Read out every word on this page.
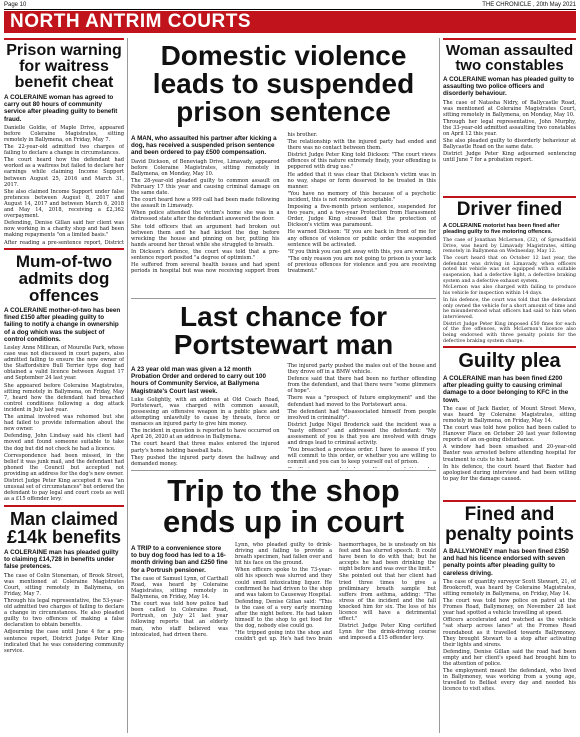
Page 10	THE CHRONICLE , 20th May 2021
NORTH ANTRIM COURTS
Prison warning for waitress benefit cheat

A COLERAINE woman has agreed to carry out 80 hours of community service after pleading guilty to benefit fraud.

Danielle Goldie, of Maple Drive, appeared before Coleraine Magistrates, sitting remotely in Ballymena, on Friday, May 7.

The 22-year-old admitted two charges of failing to declare a change in circumstances.

The court heard how the defendant had worked as a waitress but failed to declare her earnings while claiming Income Support between August 25, 2016 and March 31, 2017.

She also claimed Income Support under false pretences between August 8, 2017 and August 14, 2017 and between March 6, 2018 and May 14, 2018, receiving a £2,362 overpayment.

Defending, Denise Gillan said her client was now working in a charity shop and had been making repayments "on a limited basis."

After reading a pre-sentence report, District

Mum-of-two admits dog offences

A COLERAINE mother-of-two has been fined £150 after pleading guilty to failing to notify a change in ownership of a dog which was the subject of control conditions.

Lesley Anne Millican, of Mourelle Park, whose case was not discussed in court papers, also admitted failing to ensure the new owner of the Staffordshire Bull Terrier type dog had obtained a valid licence between August 17 and September 24 last year.

She appeared before Coleraine Magistrates, sitting remotely in Ballymena, on Friday, May 7, heard how the defendant had breached control conditions following a dog attack incident in July last year.

The animal involved was rehomed but she had failed to provide information about the new owner.

Defending, John Lindsay said his client had moved and found someone suitable to take the dog but did not check he had a licence.

Correspondence had been missed, in the belief it was junk mail, and the defendant had phoned the Council but accepted not providing an address for the dog's new owner.

District Judge Peter King accepted it was "an unusual set of circumstances" but ordered the defendant to pay legal and court costs as well as a £15 offender levy.

Man claimed £14k benefits

A COLERAINE man has pleaded guilty to claiming £14,728 in benefits under false pretences.

The case of Colin Stoneman, of Brook Street, was mentioned at Coleraine Magistrates Court, sitting remotely in Ballymena, on Friday, May 7.

Through his legal representative, the 53-year-old admitted two charges of failing to declare a change in circumstances. He also pleaded guilty to two offences of making a false declaration to obtain benefits.

Adjourning the case until June 4 for a pre-sentence report, District Judge Peter King indicated that he was considering community service.

Domestic violence leads to suspended prison sentence

A MAN, who assaulted his partner after kicking a dog, has received a suspended prison sentence and been ordered to pay £500 compensation.

David Dickson, of Beneviagh Drive, Limavady, appeared before Coleraine Magistrates, sitting remotely in Ballymena, on Monday, May 10.

The 28-year-old pleaded guilty to common assault on February 17 this year and causing criminal damage on the same date.

The court heard how a 999 call had been made following the assault in Limavady.

When police attended the victim's home she was in a distressed state after the defendant answered the door.

She told officers that an argument had broken out between them and he had kicked the dog before wrecking the house and pinning on her, putting his hands around her throat while she struggled to breath.

In Dickson's defence, the court was told that a pre-sentence report posited "a degree of optimism."

He suffered from several health issues and had spent periods in hospital but was now receiving support from his brother.

The relationship with the injured party had ended and there was no contact between them.

District Judge Peter King told Dickson: "The court views offences of this nature extremely finely, your offending is peppered with drug use."

He added that it was clear that Dickson's victim was in no way, shape or form deserved to be treated in this manner.

"You have no memory of this because of a psychotic incident, this is not remotely acceptable."

Imposing a five-month prison sentence, suspended for two years, and a two-year Protection from Harassment Order, Judge King stressed that the protection of Dickson's victim was paramount.

He warned Dickson: "If you are back in front of me for any offence of violence or public order the suspended sentence will be activated.

"If you think you can get away with this, you are wrong.

"The only reason you are not going to prison is your lack of previous offences for violence and you are receiving treatment."

Last chance for Portstewart man

A 23 year old man was given a 12 month Probation Order and ordered to carry out 100 hours of Community Service, at Ballymena Magistrate's Court last week.

Luke Golightly, with an address at Old Coach Road, Portstewart, was charged with common assault, possessing an offensive weapon in a public place and attempting unlawfully to cause by threats, force or menaces an injured party to give him money.

The incident in question is reported to have occurred on April 26, 2020 at an address in Ballymena.

The court heard that three males entered the injured party's home holding baseball bats.

They pushed the injured party down the hallway and demanded money.

The injured party pushed the males out of the house and they drove off in a BMW vehicle.

Defence said that there had been no further offending from the defendant, and that there were "some glimmers of hope".

There was a "prospect of future employment" and the defendant had moved to the Portstewart area.

The defendant had "disassociated himself from people involved in criminality".

District Judge Nigel Broderick said the incident was a "nasty offence" and addressed the defendant: "My assessment of you is that you are involved with drugs and drugs lead to criminal activity.

"You breached a previous order. I have to assess if you will commit to this order, or whether you are willing to commit and you can to keep yourself out of prison.

Trip to the shop ends up in court

A TRIP to a convenience store to buy dog food has led to a 16-month driving ban and £250 fine for a Portrush pensioner.

The case of Samuel Lynn, of Carthall Road, was heard by Coleraine Magistrates, sitting remotely in Ballymena, on Friday, May 14.

The court was told how police had been called to Coleraine Road, Portrush, on July 21 last year following reports that an elderly man, who staff believed was intoxicated, had driven there.

Lynn, who pleaded guilty to drink-driving and failing to provide a breath specimen, had fallen over and hit his face on the ground.

When officers spoke to the 73-year-old his speech was slurred and they could smell intoxicating liquor. He confirmed he had driven to the shop and was taken to Causeway Hospital.

Defending, Denise Gillan said: "This is the case of a very early morning after the night before. He had taken himself to the shop to get food for the dog, nobody else could go.

"He tripped going into the shop and couldn't get up. He's had two brain haemorrhages, he is unsteady on his feet and has slurred speech. It could have been to do with that; but he accepts he had been drinking the night before and was over the limit."

She pointed out that her client had tried three times to give a preliminary breath sample but suffers from asthma, adding: "The stress of the incident and the fall knocked him for six. The loss of his licence will have a detrimental effect."

District Judge Peter King certified Lynn for the drink-driving course and imposed a £15 offender levy.

Woman assaulted two constables

A COLERAINE woman has pleaded guilty to assaulting two police officers and disorderly behaviour.

The case of Natasha Nidry, of Ballycastle Road, was mentioned at Coleraine Magistrates Court, sitting remotely in Ballymena, on Monday, May 10.

Through her legal representative, John Murphy, the 33-year-old admitted assaulting two constables on April 12 this year.

She also pleaded guilty to disorderly behaviour at Ballycastle Road on the same date.

District Judge Peter King adjourned sentencing until June 7 for a probation report.

Driver fined

A COLERAINE motorist has been fined after pleading guilty to five motoring offences.

The case of Jonathan McLernon, (32), of Spreadfield Drive, was heard by Limavady Magistrates, sitting remotely in Ballymena on Wednesday, May 12.

The court heard that on October 12 last year, the defendant was driving in Limavady, when officers noted his vehicle was not equipped with a suitable suspension, had a defective light, a defective braking system and a defective exhaust system.

McLernon was also charged with failing to produce his vehicle for inspection within 14 days.

In his defence, the court was told that the defendant only owned the vehicle for a short amount of time and he misunderstood what officers had said to him when interviewed.

District Judge Peter King imposed £50 fines for each of the five offences, with McLernon's licence also being endorsed with three penalty points for the defective braking system charge.

Guilty plea

A COLERAINE man has been fined £200 after pleading guilty to causing criminal damage to a door belonging to KFC in the town.

The case of Jack Baxter, of Mount Street Mews, was heard by Coleraine Magistrates, sitting remotely in Ballymena, on Friday, May 14.

The court was told how police had been called to Hanover Place on October 20 last year following reports of an on-going disturbance.

A window had been smashed and 20-year-old Baxter was arrested before attending hospital for treatment to cuts to his hand.

In his defence, the court heard that Baxter had apologised during interview and had been willing to pay for the damage caused.

Fined and penalty points

A BALLYMONEY man has been fined £350 and had his licence endorsed with seven penalty points after pleading guilty to careless driving.

The case of quantity surveyor Scott Stewart, 21, of Brookcroft, was heard by Coleraine Magistrates, sitting remotely in Ballymena, on Friday, May 14.

The court was told how police on patrol at the Fromes Road, Ballymoney, on November 28 last year had spotted a vehicle travelling at speed.

Officers accelerated and watched as the vehicle "sat sharp across lanes" at the Fromes Road roundabout as it travelled towards Ballymoney. They brought Stewart to a stop after activating their lights and sirens.

Defending, Denise Gillan said the road had been empty and her client's speed had brought him to the attention of police.

The employment meant the defendant, who lived in Ballymoney, was working from a young age, travelled to Belfast every day and needed his licence to visit sites.
